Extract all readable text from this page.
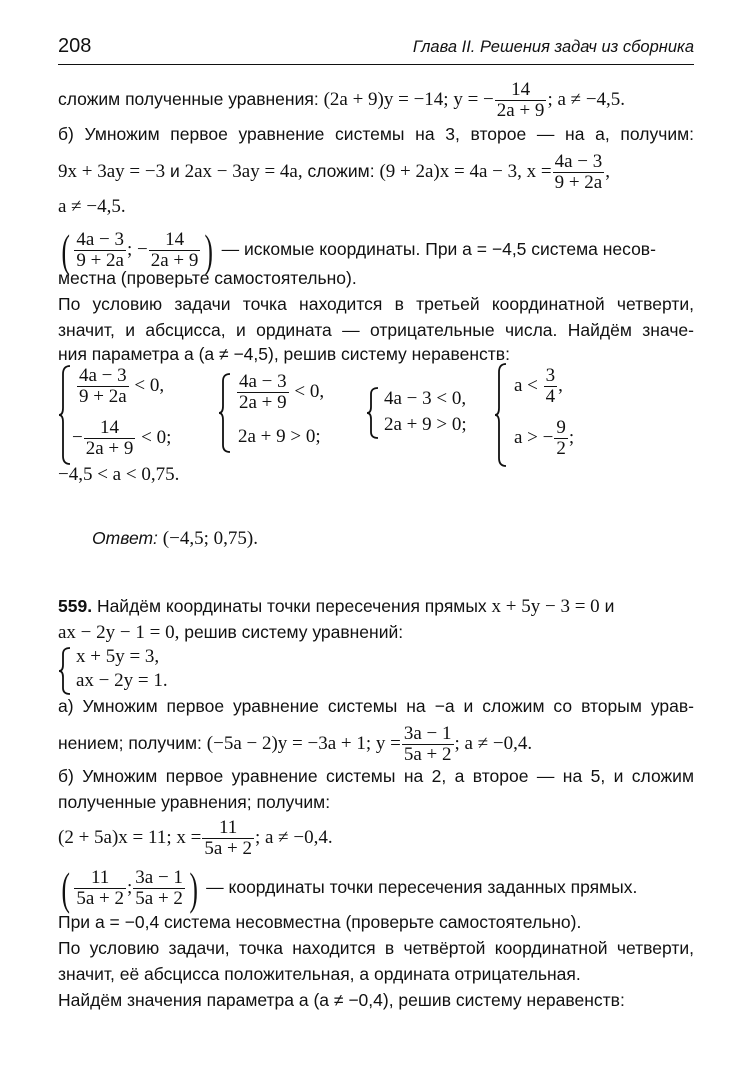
208	Глава II. Решения задач из сборника
сложим полученные уравнения: (2a + 9)y = −14; y = − $\frac{14}{2a + 9}$ ; a ≠ −4,5.
б) Умножим первое уравнение системы на 3, второе — на a, получим:
9x + 3ay = −3 и 2ax − 3ay = 4a, сложим: (9 + 2a)x = 4a − 3, $x = \frac{4a - 3}{9 + 2a}$ ,
a ≠ −4,5.
( $\frac{4a - 3}{9 + 2a}$ ; − $\frac{14}{2a + 9}$ ) — искомые координаты. При a = −4,5 система несов-
местна (проверьте самостоятельно).
По условию задачи точка находится в третьей координатной четверти,
значит, и абсцисса, и ордината — отрицательные числа. Найдём значе-
ния параметра a (a ≠ −4,5), решив систему неравенств:
$\frac{4a - 3}{9 + 2a} < 0$,
− $\frac{14}{2a + 9} < 0$;
$\frac{4a - 3}{2a + 9} < 0$,
2a + 9 > 0;
4a − 3 < 0,
2a + 9 > 0;
$a < \frac{3}{4}$ ,
a > − $\frac{9}{2}$ ;
−4,5 < a < 0,75.
Ответ: (−4,5; 0,75).
559. Найдём координаты точки пересечения прямых x + 5y − 3 = 0 и
ax − 2y − 1 = 0, решив систему уравнений:
x + 5y = 3,
ax − 2y = 1.
а) Умножим первое уравнение системы на −a и сложим со вторым урав-
нением; получим: (−5a − 2)y = −3a + 1; $y = \frac{3a - 1}{5a + 2}$ ; a ≠ −0,4.
б) Умножим первое уравнение системы на 2, а второе — на 5, и сложим
полученные уравнения; получим:
(2 + 5a)x = 11; $x = \frac{11}{5a + 2}$ ; a ≠ −0,4.
( $\frac{11}{5a + 2}$ ; $\frac{3a - 1}{5a + 2}$ ) — координаты точки пересечения заданных прямых.
При a = −0,4 система несовместна (проверьте самостоятельно).
По условию задачи, точка находится в четвёртой координатной четверти,
значит, её абсцисса положительная, а ордината отрицательная.
Найдём значения параметра a (a ≠ −0,4), решив систему неравенств:
